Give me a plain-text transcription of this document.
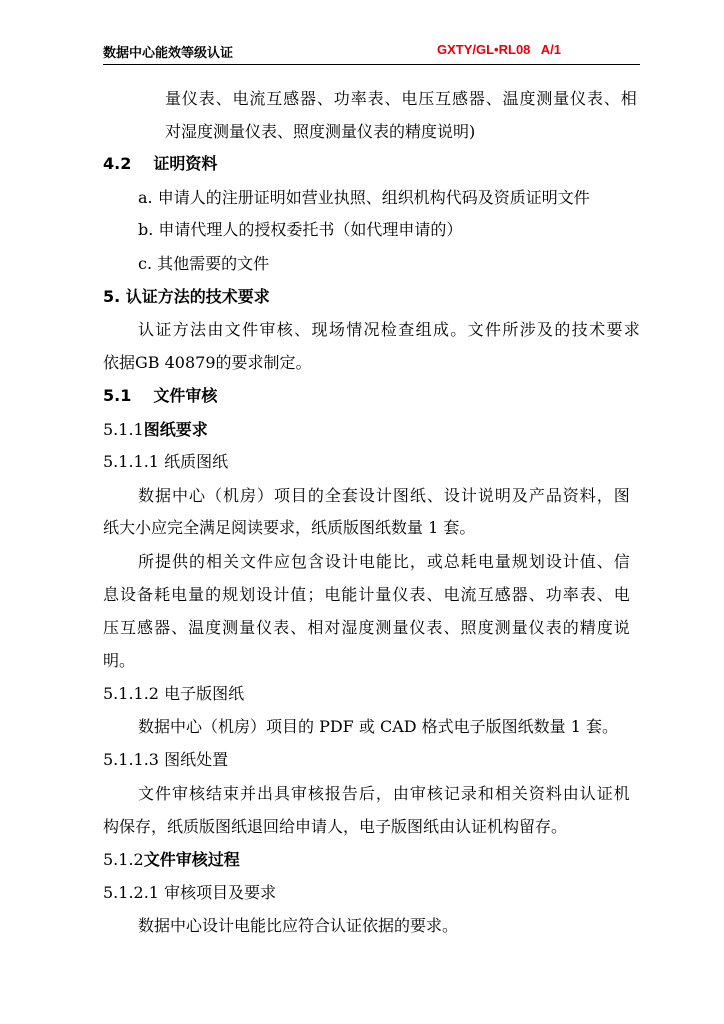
数据中心能效等级认证	GXTY/GL•RL08   A/1
量仪表、电流互感器、功率表、电压互感器、温度测量仪表、相
对湿度测量仪表、照度测量仪表的精度说明)
4.2 证明资料
a. 申请人的注册证明如营业执照、组织机构代码及资质证明文件
b. 申请代理人的授权委托书（如代理申请的）
c. 其他需要的文件
5. 认证方法的技术要求
认证方法由文件审核、现场情况检查组成。文件所涉及的技术要求
依据GB 40879的要求制定。
5.1 文件审核
5.1.1图纸要求
5.1.1.1 纸质图纸
数据中心（机房）项目的全套设计图纸、设计说明及产品资料，图
纸大小应完全满足阅读要求，纸质版图纸数量 1 套。
所提供的相关文件应包含设计电能比，或总耗电量规划设计值、信
息设备耗电量的规划设计值；电能计量仪表、电流互感器、功率表、电
压互感器、温度测量仪表、相对湿度测量仪表、照度测量仪表的精度说
明。
5.1.1.2 电子版图纸
数据中心（机房）项目的 PDF 或 CAD 格式电子版图纸数量 1 套。
5.1.1.3 图纸处置
文件审核结束并出具审核报告后，由审核记录和相关资料由认证机
构保存，纸质版图纸退回给申请人，电子版图纸由认证机构留存。
5.1.2文件审核过程
5.1.2.1 审核项目及要求
数据中心设计电能比应符合认证依据的要求。
